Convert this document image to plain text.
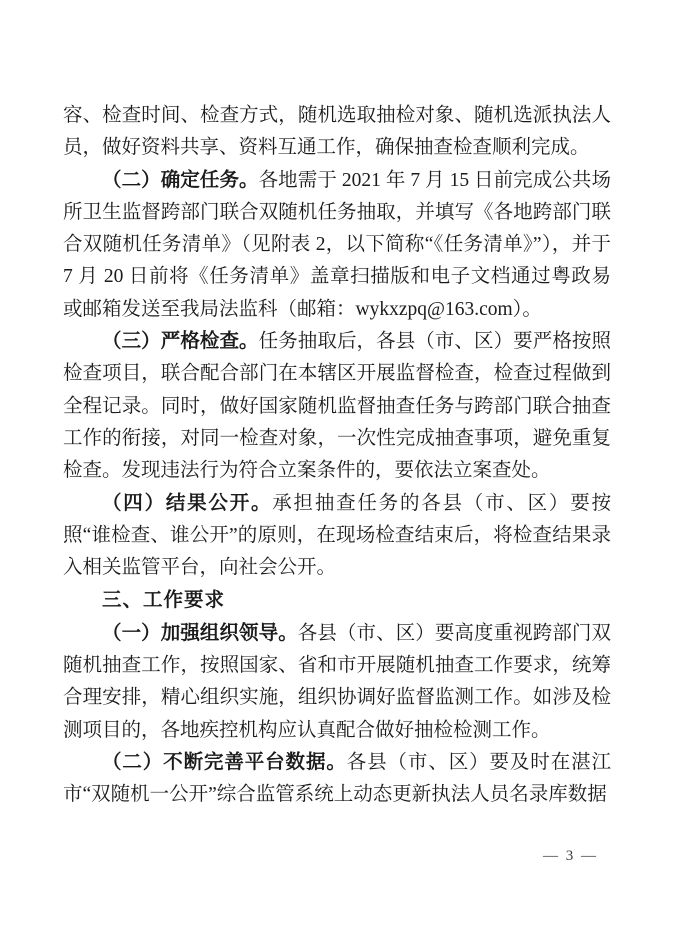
容、检查时间、检查方式，随机选取抽检对象、随机选派执法人员，做好资料共享、资料互通工作，确保抽查检查顺利完成。

（二）确定任务。各地需于 2021 年 7 月 15 日前完成公共场所卫生监督跨部门联合双随机任务抽取，并填写《各地跨部门联合双随机任务清单》（见附表 2，以下简称“《任务清单》”），并于 7 月 20 日前将《任务清单》盖章扫描版和电子文档通过粤政易或邮箱发送至我局法监科（邮箱：wykxzpq@163.com）。

（三）严格检查。任务抽取后，各县（市、区）要严格按照检查项目，联合配合部门在本辖区开展监督检查，检查过程做到全程记录。同时，做好国家随机监督抽查任务与跨部门联合抽查工作的衔接，对同一检查对象，一次性完成抽查事项，避免重复检查。发现违法行为符合立案条件的，要依法立案查处。

（四）结果公开。承担抽查任务的各县（市、区）要按照“谁检查、谁公开”的原则，在现场检查结束后，将检查结果录入相关监管平台，向社会公开。

三、工作要求

（一）加强组织领导。各县（市、区）要高度重视跨部门双随机抽查工作，按照国家、省和市开展随机抽查工作要求，统筹合理安排，精心组织实施，组织协调好监督监测工作。如涉及检测项目的，各地疾控机构应认真配合做好抽检检测工作。

（二）不断完善平台数据。各县（市、区）要及时在湛江市“双随机一公开”综合监管系统上动态更新执法人员名录库数据

— 3 —
